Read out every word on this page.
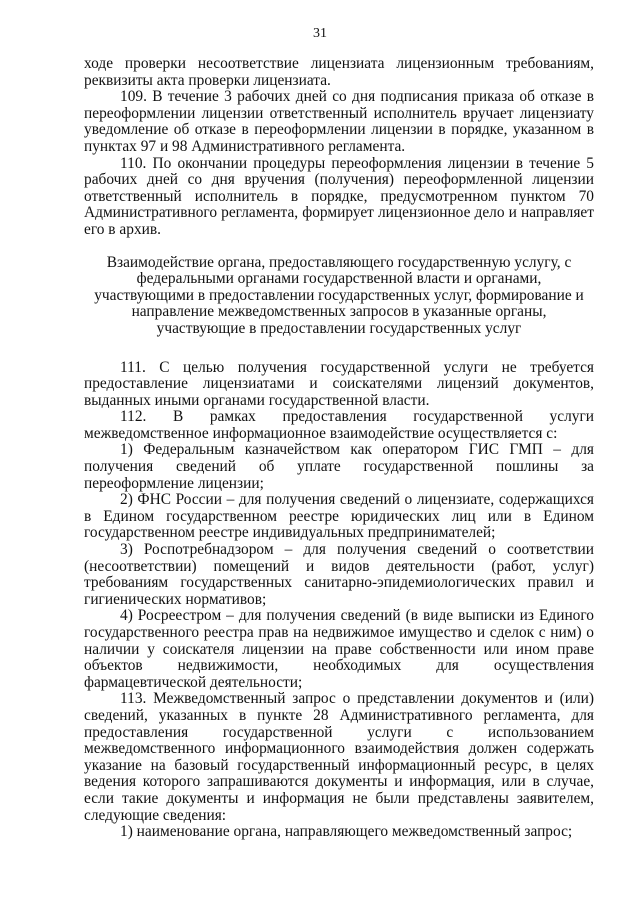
31

ходе проверки несоответствие лицензиата лицензионным требованиям, реквизиты акта проверки лицензиата.

109. В течение 3 рабочих дней со дня подписания приказа об отказе в переоформлении лицензии ответственный исполнитель вручает лицензиату уведомление об отказе в переоформлении лицензии в порядке, указанном в пунктах 97 и 98 Административного регламента.

110. По окончании процедуры переоформления лицензии в течение 5 рабочих дней со дня вручения (получения) переоформленной лицензии ответственный исполнитель в порядке, предусмотренном пунктом 70 Административного регламента, формирует лицензионное дело и направляет его в архив.

Взаимодействие органа, предоставляющего государственную услугу, с федеральными органами государственной власти и органами, участвующими в предоставлении государственных услуг, формирование и направление межведомственных запросов в указанные органы, участвующие в предоставлении государственных услуг

111. С целью получения государственной услуги не требуется предоставление лицензиатами и соискателями лицензий документов, выданных иными органами государственной власти.

112. В рамках предоставления государственной услуги межведомственное информационное взаимодействие осуществляется с:

1) Федеральным казначейством как оператором ГИС ГМП – для получения сведений об уплате государственной пошлины за переоформление лицензии;

2) ФНС России – для получения сведений о лицензиате, содержащихся в Едином государственном реестре юридических лиц или в Едином государственном реестре индивидуальных предпринимателей;

3) Роспотребнадзором – для получения сведений о соответствии (несоответствии) помещений и видов деятельности (работ, услуг) требованиям государственных санитарно-эпидемиологических правил и гигиенических нормативов;

4) Росреестром – для получения сведений (в виде выписки из Единого государственного реестра прав на недвижимое имущество и сделок с ним) о наличии у соискателя лицензии на праве собственности или ином праве объектов недвижимости, необходимых для осуществления фармацевтической деятельности;

113. Межведомственный запрос о представлении документов и (или) сведений, указанных в пункте 28 Административного регламента, для предоставления государственной услуги с использованием межведомственного информационного взаимодействия должен содержать указание на базовый государственный информационный ресурс, в целях ведения которого запрашиваются документы и информация, или в случае, если такие документы и информация не были представлены заявителем, следующие сведения:

1) наименование органа, направляющего межведомственный запрос;
